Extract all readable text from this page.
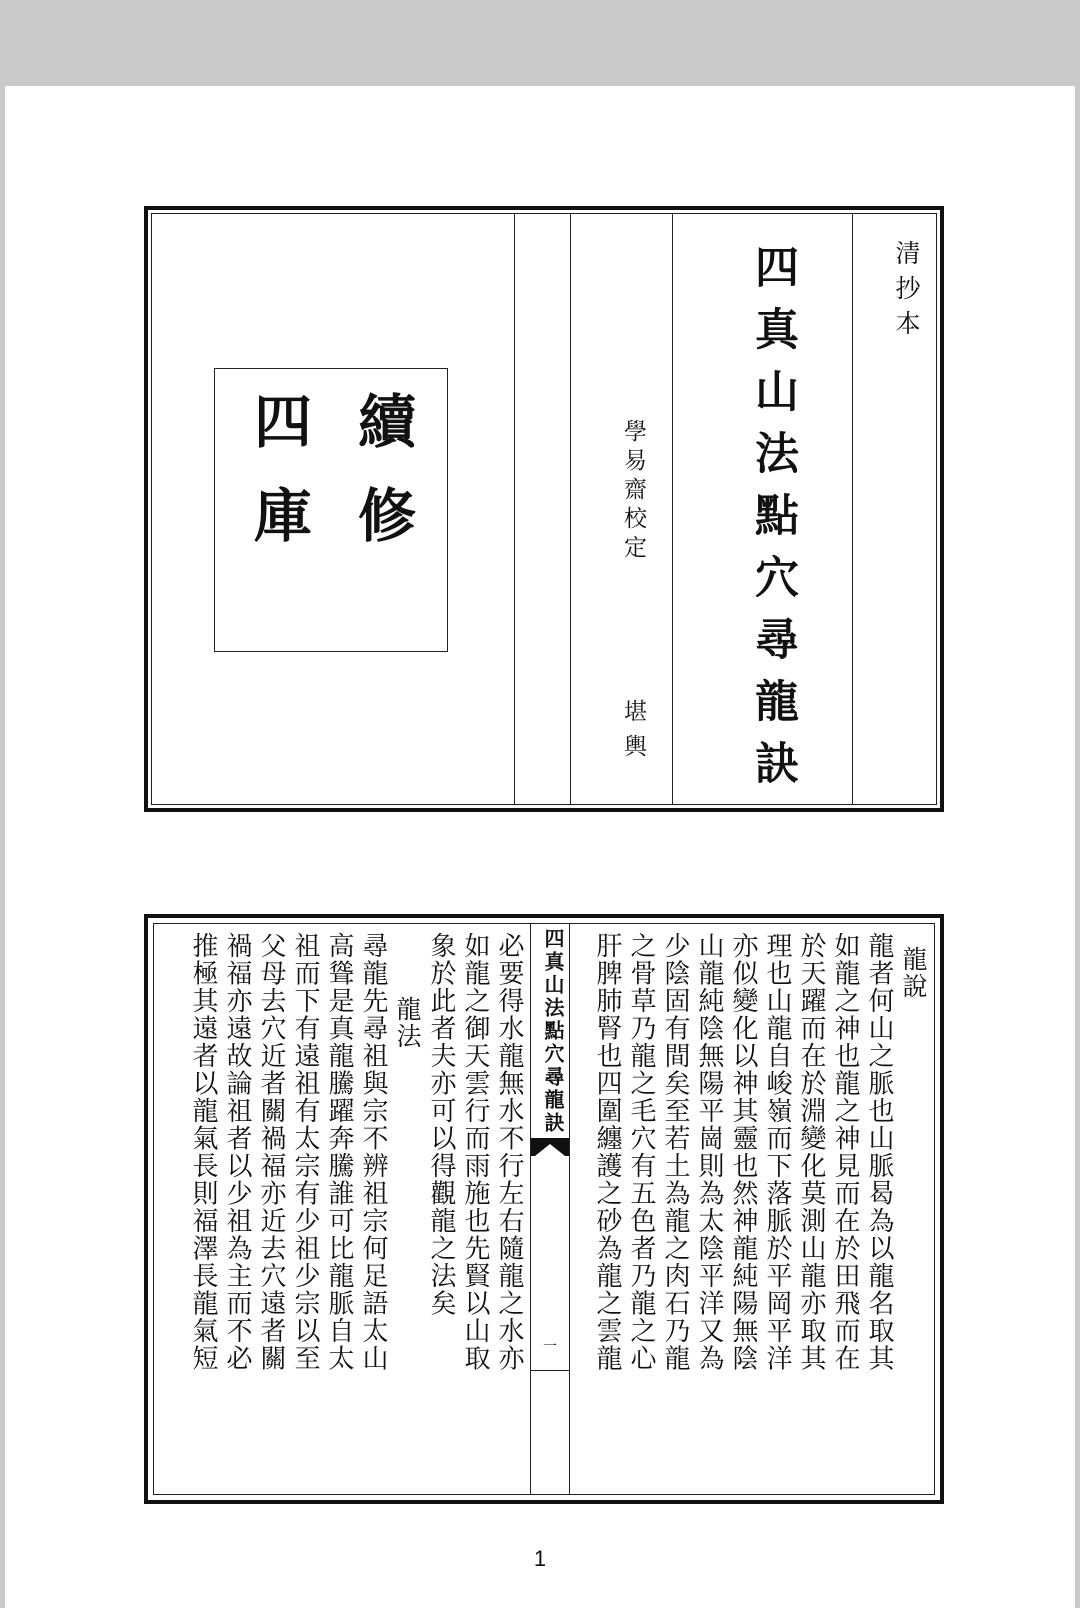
清抄本
四真山法點穴尋龍訣
學易齋校定
堪輿
續修
四庫
龍說
龍者何山之脈也山脈曷為以龍名取其
如龍之神也龍之神見而在於田飛而在
於天躍而在於淵變化莫測山龍亦取其
理也山龍自峻嶺而下落脈於平岡平洋
亦似變化以神其靈也然神龍純陽無陰
山龍純陰無陽平崗則為太陰平洋又為
少陰固有間矣至若土為龍之肉石乃龍
之骨草乃龍之毛穴有五色者乃龍之心
肝脾肺腎也四圍纏護之砂為龍之雲龍
四真山法點穴尋龍訣
一
必要得水龍無水不行左右隨龍之水亦
如龍之御天雲行而雨施也先賢以山取
象於此者夫亦可以得觀龍之法矣
龍法
尋龍先尋祖與宗不辨祖宗何足語太山
高聳是真龍騰躍奔騰誰可比龍脈自太
祖而下有遠祖有太宗有少祖少宗以至
父母去穴近者關禍福亦近去穴遠者關
禍福亦遠故論祖者以少祖為主而不必
推極其遠者以龍氣長則福澤長龍氣短
1
